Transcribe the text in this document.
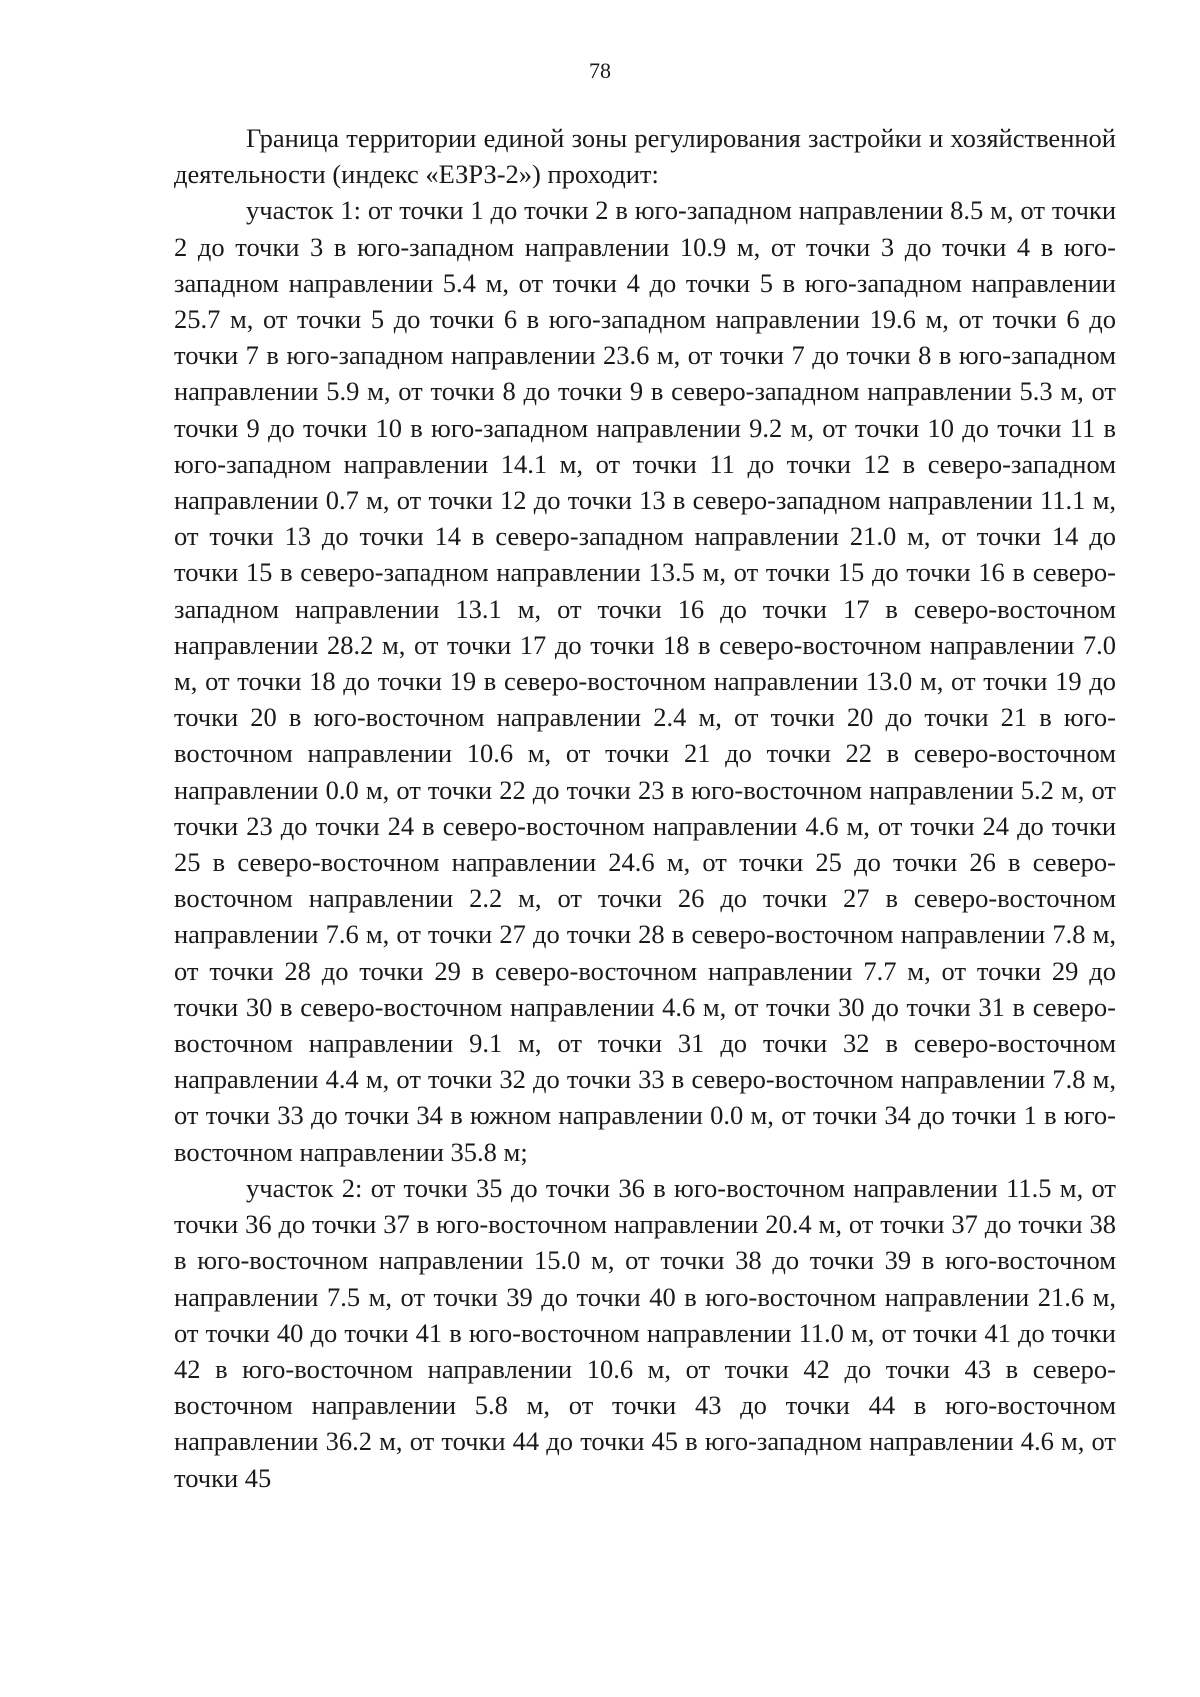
78

Граница территории единой зоны регулирования застройки и хозяйственной деятельности (индекс «ЕЗРЗ-2») проходит:

участок 1: от точки 1 до точки 2 в юго-западном направлении 8.5 м, от точки 2 до точки 3 в юго-западном направлении 10.9 м, от точки 3 до точки 4 в юго-западном направлении 5.4 м, от точки 4 до точки 5 в юго-западном направлении 25.7 м, от точки 5 до точки 6 в юго-западном направлении 19.6 м, от точки 6 до точки 7 в юго-западном направлении 23.6 м, от точки 7 до точки 8 в юго-западном направлении 5.9 м, от точки 8 до точки 9 в северо-западном направлении 5.3 м, от точки 9 до точки 10 в юго-западном направлении 9.2 м, от точки 10 до точки 11 в юго-западном направлении 14.1 м, от точки 11 до точки 12 в северо-западном направлении 0.7 м, от точки 12 до точки 13 в северо-западном направлении 11.1 м, от точки 13 до точки 14 в северо-западном направлении 21.0 м, от точки 14 до точки 15 в северо-западном направлении 13.5 м, от точки 15 до точки 16 в северо-западном направлении 13.1 м, от точки 16 до точки 17 в северо-восточном направлении 28.2 м, от точки 17 до точки 18 в северо-восточном направлении 7.0 м, от точки 18 до точки 19 в северо-восточном направлении 13.0 м, от точки 19 до точки 20 в юго-восточном направлении 2.4 м, от точки 20 до точки 21 в юго-восточном направлении 10.6 м, от точки 21 до точки 22 в северо-восточном направлении 0.0 м, от точки 22 до точки 23 в юго-восточном направлении 5.2 м, от точки 23 до точки 24 в северо-восточном направлении 4.6 м, от точки 24 до точки 25 в северо-восточном направлении 24.6 м, от точки 25 до точки 26 в северо-восточном направлении 2.2 м, от точки 26 до точки 27 в северо-восточном направлении 7.6 м, от точки 27 до точки 28 в северо-восточном направлении 7.8 м, от точки 28 до точки 29 в северо-восточном направлении 7.7 м, от точки 29 до точки 30 в северо-восточном направлении 4.6 м, от точки 30 до точки 31 в северо-восточном направлении 9.1 м, от точки 31 до точки 32 в северо-восточном направлении 4.4 м, от точки 32 до точки 33 в северо-восточном направлении 7.8 м, от точки 33 до точки 34 в южном направлении 0.0 м, от точки 34 до точки 1 в юго-восточном направлении 35.8 м;

участок 2: от точки 35 до точки 36 в юго-восточном направлении 11.5 м, от точки 36 до точки 37 в юго-восточном направлении 20.4 м, от точки 37 до точки 38 в юго-восточном направлении 15.0 м, от точки 38 до точки 39 в юго-восточном направлении 7.5 м, от точки 39 до точки 40 в юго-восточном направлении 21.6 м, от точки 40 до точки 41 в юго-восточном направлении 11.0 м, от точки 41 до точки 42 в юго-восточном направлении 10.6 м, от точки 42 до точки 43 в северо-восточном направлении 5.8 м, от точки 43 до точки 44 в юго-восточном направлении 36.2 м, от точки 44 до точки 45 в юго-западном направлении 4.6 м, от точки 45
